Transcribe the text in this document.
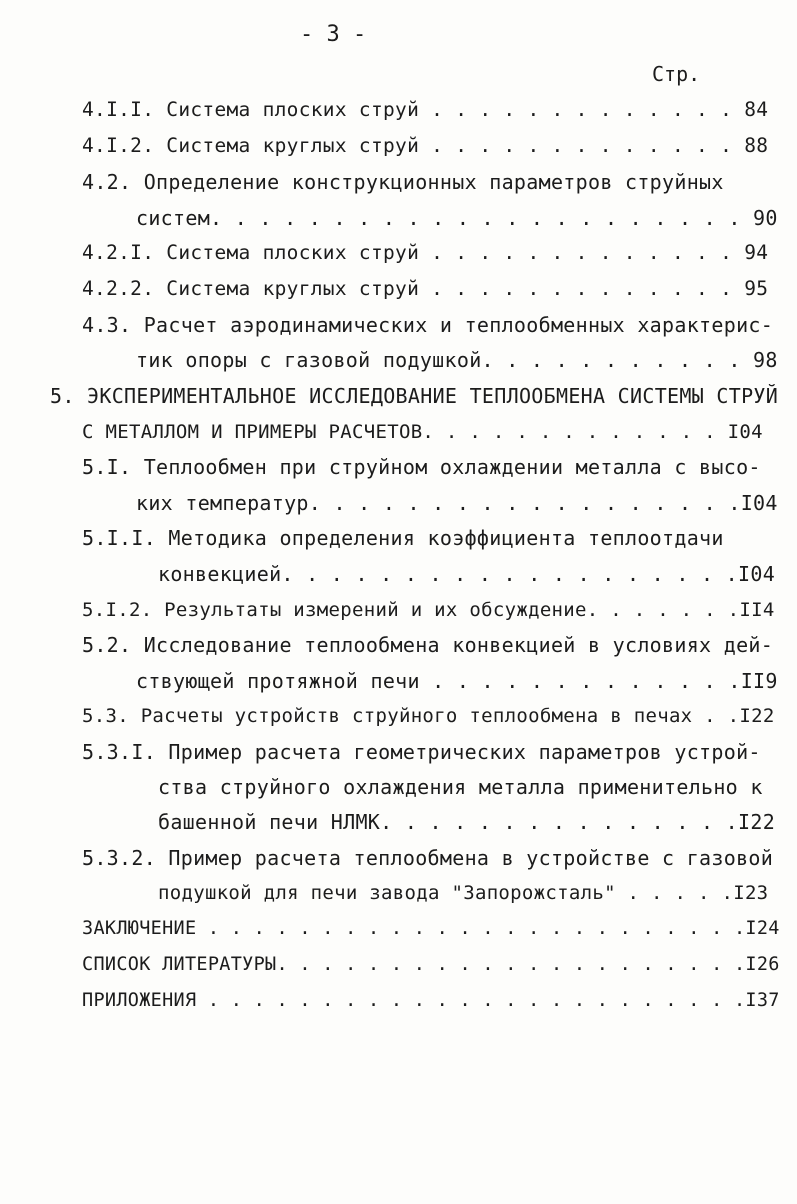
- 3 -
Стр.
4.I.I. Система плоских струй . . . . . . . . . . . . . 84
4.I.2. Система круглых струй . . . . . . . . . . . . . 88
4.2. Определение конструкционных параметров струйных
систем. . . . . . . . . . . . . . . . . . . . . . 90
4.2.I. Система плоских струй . . . . . . . . . . . . . 94
4.2.2. Система круглых струй . . . . . . . . . . . . . 95
4.3. Расчет аэродинамических и теплообменных характерис-
тик опоры с газовой подушкой. . . . . . . . . . . 98
5. ЭКСПЕРИМЕНТАЛЬНОЕ ИССЛЕДОВАНИЕ ТЕПЛООБМЕНА СИСТЕМЫ СТРУЙ
С МЕТАЛЛОМ И ПРИМЕРЫ РАСЧЕТОВ. . . . . . . . . . . . . I04
5.I. Теплообмен при струйном охлаждении металла с высо-
ких температур. . . . . . . . . . . . . . . . . .I04
5.I.I. Методика определения коэффициента теплоотдачи
конвекцией. . . . . . . . . . . . . . . . . . .I04
5.I.2. Результаты измерений и их обсуждение. . . . . . .II4
5.2. Исследование теплообмена конвекцией в условиях дей-
ствующей протяжной печи . . . . . . . . . . . . .II9
5.3. Расчеты устройств струйного теплообмена в печах . .I22
5.3.I. Пример расчета геометрических параметров устрой-
ства струйного охлаждения металла применительно к
башенной печи НЛМК. . . . . . . . . . . . . . .I22
5.3.2. Пример расчета теплообмена в устройстве с газовой
подушкой для печи завода "Запорожсталь" . . . . .I23
ЗАКЛЮЧЕНИЕ . . . . . . . . . . . . . . . . . . . . . . . .I24
СПИСОК ЛИТЕРАТУРЫ. . . . . . . . . . . . . . . . . . . . .I26
ПРИЛОЖЕНИЯ . . . . . . . . . . . . . . . . . . . . . . . .I37
